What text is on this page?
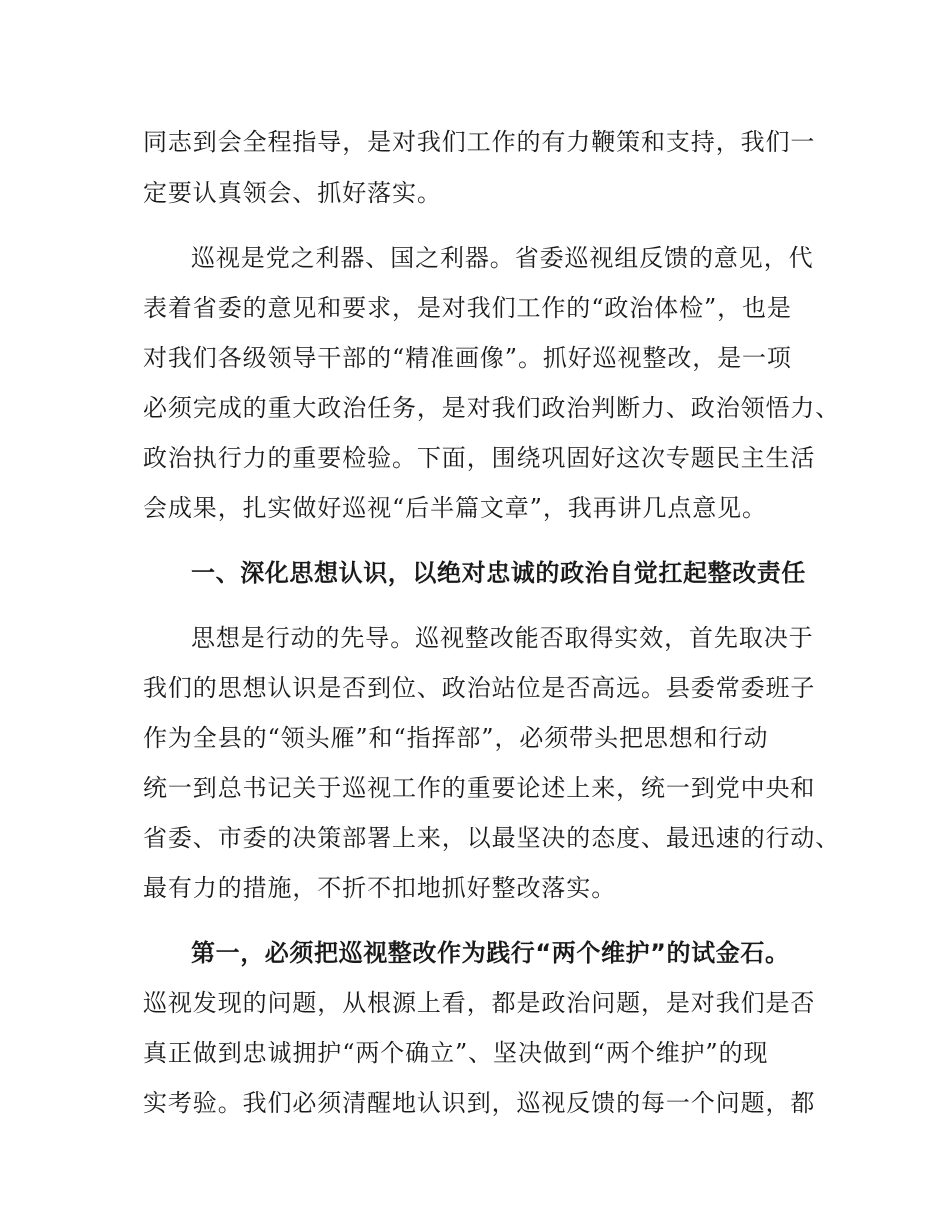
同志到会全程指导，是对我们工作的有力鞭策和支持，我们一
定要认真领会、抓好落实。
巡视是党之利器、国之利器。省委巡视组反馈的意见，代
表着省委的意见和要求，是对我们工作的“政治体检”，也是
对我们各级领导干部的“精准画像”。抓好巡视整改，是一项
必须完成的重大政治任务，是对我们政治判断力、政治领悟力、
政治执行力的重要检验。下面，围绕巩固好这次专题民主生活
会成果，扎实做好巡视“后半篇文章”，我再讲几点意见。
一、深化思想认识，以绝对忠诚的政治自觉扛起整改责任
思想是行动的先导。巡视整改能否取得实效，首先取决于
我们的思想认识是否到位、政治站位是否高远。县委常委班子
作为全县的“领头雁”和“指挥部”，必须带头把思想和行动
统一到总书记关于巡视工作的重要论述上来，统一到党中央和
省委、市委的决策部署上来，以最坚决的态度、最迅速的行动、
最有力的措施，不折不扣地抓好整改落实。
第一，必须把巡视整改作为践行“两个维护”的试金石。
巡视发现的问题，从根源上看，都是政治问题，是对我们是否
真正做到忠诚拥护“两个确立”、坚决做到“两个维护”的现
实考验。我们必须清醒地认识到，巡视反馈的每一个问题，都
